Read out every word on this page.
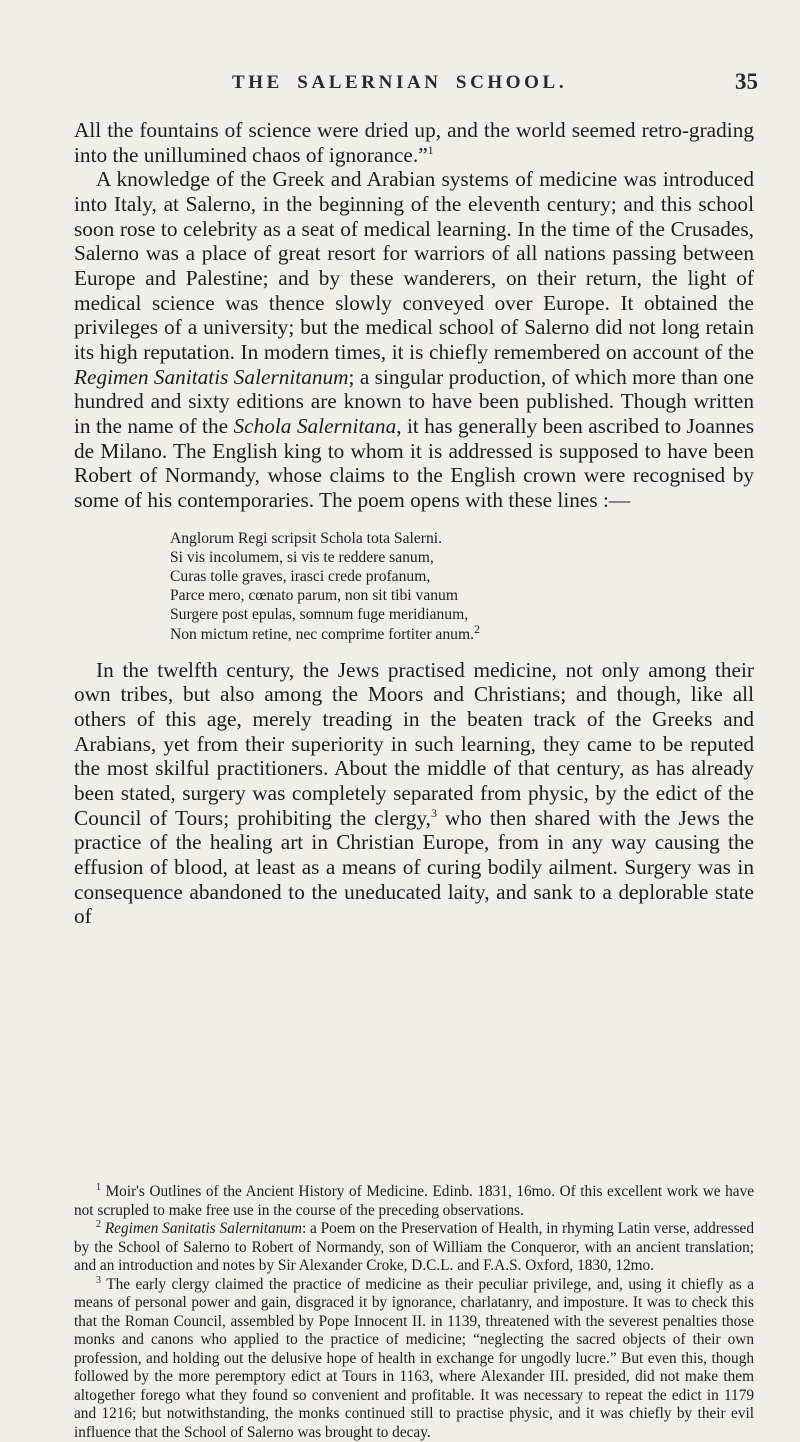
THE SALERNIAN SCHOOL.	35

All the fountains of science were dried up, and the world seemed retro-grading into the unillumined chaos of ignorance.”$^1$

A knowledge of the Greek and Arabian systems of medicine was introduced into Italy, at Salerno, in the beginning of the eleventh century; and this school soon rose to celebrity as a seat of medical learning. In the time of the Crusades, Salerno was a place of great resort for warriors of all nations passing between Europe and Palestine; and by these wanderers, on their return, the light of medical science was thence slowly conveyed over Europe. It obtained the privileges of a university; but the medical school of Salerno did not long retain its high reputation. In modern times, it is chiefly remembered on account of the Regimen Sanitatis Salernitanum; a singular production, of which more than one hundred and sixty editions are known to have been published. Though written in the name of the Schola Salernitana, it has generally been ascribed to Joannes de Milano. The English king to whom it is addressed is supposed to have been Robert of Normandy, whose claims to the English crown were recognised by some of his contemporaries. The poem opens with these lines :—

Anglorum Regi scripsit Schola tota Salerni.
Si vis incolumem, si vis te reddere sanum,
Curas tolle graves, irasci crede profanum,
Parce mero, cœnato parum, non sit tibi vanum
Surgere post epulas, somnum fuge meridianum,
Non mictum retine, nec comprime fortiter anum.$^2$

In the twelfth century, the Jews practised medicine, not only among their own tribes, but also among the Moors and Christians; and though, like all others of this age, merely treading in the beaten track of the Greeks and Arabians, yet from their superiority in such learning, they came to be reputed the most skilful practitioners. About the middle of that century, as has already been stated, surgery was completely separated from physic, by the edict of the Council of Tours; prohibiting the clergy,$^3$ who then shared with the Jews the practice of the healing art in Christian Europe, from in any way causing the effusion of blood, at least as a means of curing bodily ailment. Surgery was in consequence abandoned to the uneducated laity, and sank to a deplorable state of

$^1$ Moir's Outlines of the Ancient History of Medicine. Edinb. 1831, 16mo. Of this excellent work we have not scrupled to make free use in the course of the preceding observations.

$^2$ Regimen Sanitatis Salernitanum: a Poem on the Preservation of Health, in rhyming Latin verse, addressed by the School of Salerno to Robert of Normandy, son of William the Conqueror, with an ancient translation; and an introduction and notes by Sir Alexander Croke, D.C.L. and F.A.S. Oxford, 1830, 12mo.

$^3$ The early clergy claimed the practice of medicine as their peculiar privilege, and, using it chiefly as a means of personal power and gain, disgraced it by ignorance, charlatanry, and imposture. It was to check this that the Roman Council, assembled by Pope Innocent II. in 1139, threatened with the severest penalties those monks and canons who applied to the practice of medicine; “neglecting the sacred objects of their own profession, and holding out the delusive hope of health in exchange for ungodly lucre.” But even this, though followed by the more peremptory edict at Tours in 1163, where Alexander III. presided, did not make them altogether forego what they found so convenient and profitable. It was necessary to repeat the edict in 1179 and 1216; but notwithstanding, the monks continued still to practise physic, and it was chiefly by their evil influence that the School of Salerno was brought to decay.
